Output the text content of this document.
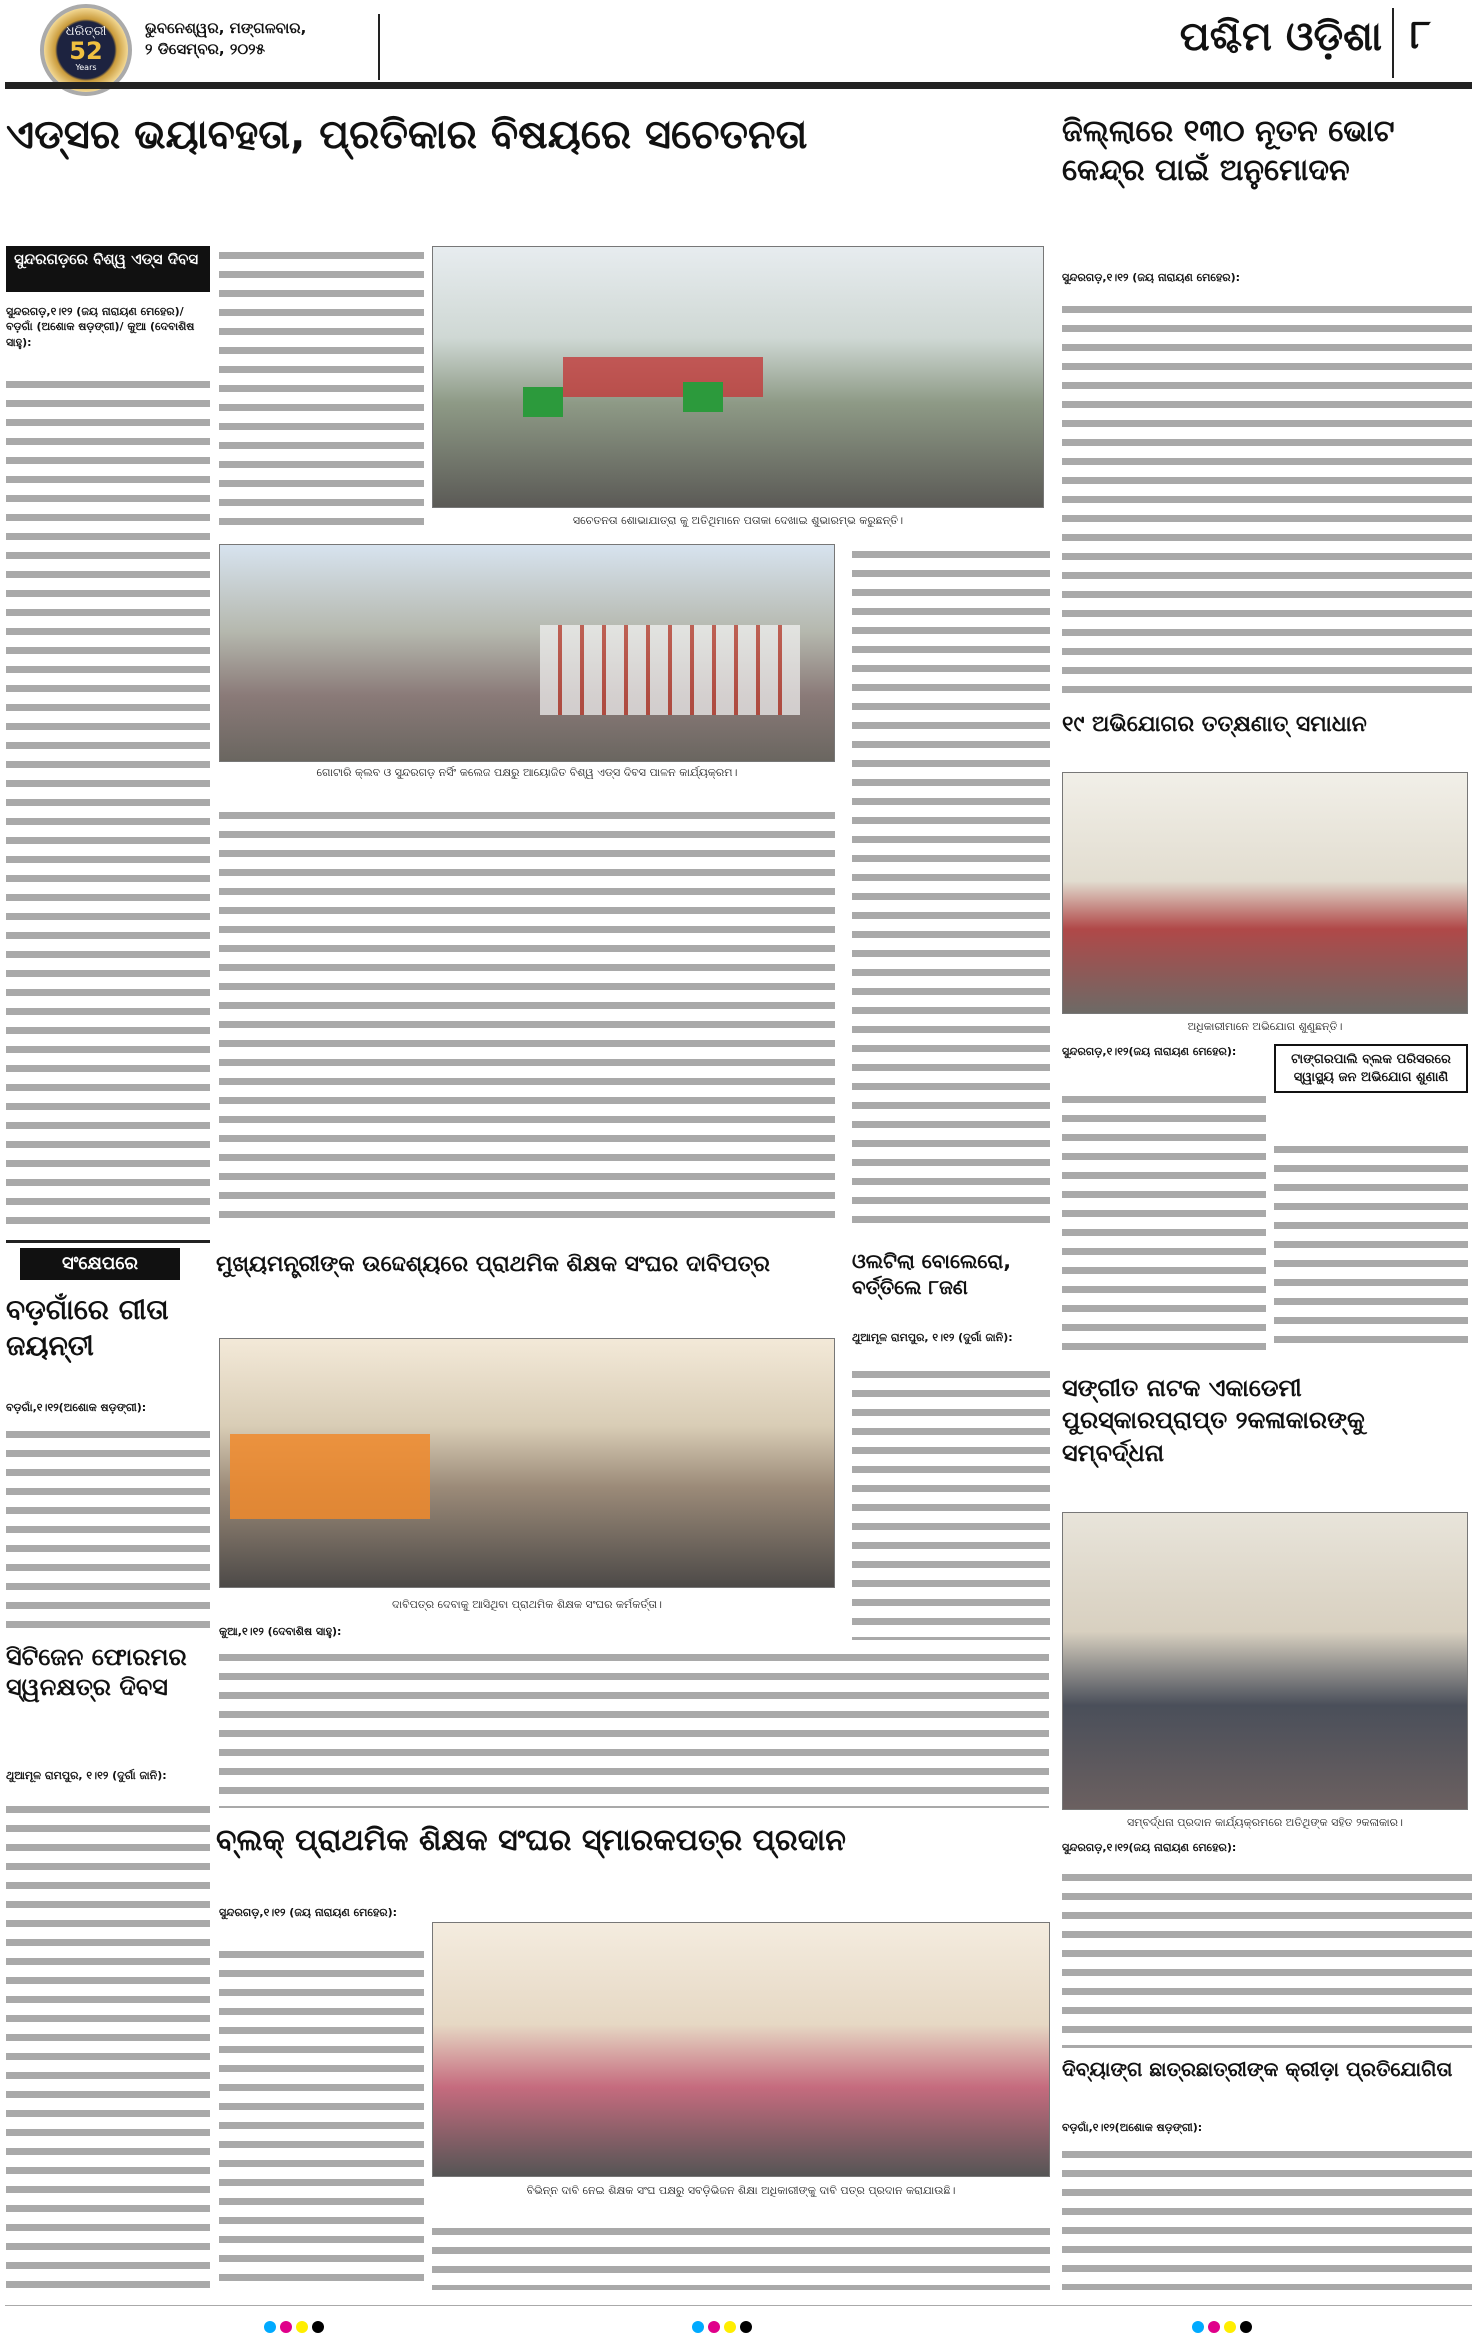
ଧରିତ୍ରୀ
52
Years
ଭୁବନେଶ୍ୱର, ମଙ୍ଗଳବାର,
୨ ଡିସେମ୍ବର, ୨୦୨୫	ପଶ୍ଚିମ ଓଡ଼ିଶା ୮
ଏଡ୍‌ସର ଭୟାବହତା, ପ୍ରତିକାର ବିଷୟରେ ସଚେତନତା
ସୁନ୍ଦରଗଡ଼ରେ ବିଶ୍ୱ ଏଡ୍‌ସ ଦିବସ
ସୁନ୍ଦରଗଡ଼,୧।୧୨ (ଜୟ ନାରାୟଣ ମେହେର)/ ବଡ଼ଗାଁ (ଅଶୋକ ଷଡ଼ଙ୍ଗୀ)/ କୁଆ (ଦେବାଶିଷ ସାହୁ):
ସଚେତନତା ଶୋଭାଯାତ୍ରା କୁ ଅତିଥିମାନେ ପତାକା ଦେଖାଇ ଶୁଭାରମ୍ଭ କରୁଛନ୍ତି।
ଗୋଟାରି କ୍ଲବ ଓ ସୁନ୍ଦରଗଡ଼ ନର୍ସିଂ କଲେଜ ପକ୍ଷରୁ ଆୟୋଜିତ ବିଶ୍ୱ ଏଡ୍‌ସ ଦିବସ ପାଳନ କାର୍ଯ୍ୟକ୍ରମ।
ଜିଲ୍ଲାରେ ୧୩୦ ନୂତନ ଭୋଟ କେନ୍ଦ୍ର ପାଇଁ ଅନୁମୋଦନ
ସୁନ୍ଦରଗଡ଼,୧।୧୨ (ଜୟ ନାରାୟଣ ମେହେର):
୧୯ ଅଭିଯୋଗର ତତ୍କ୍ଷଣାତ୍ ସମାଧାନ
ଅଧିକାରୀମାନେ ଅଭିଯୋଗ ଶୁଣୁଛନ୍ତି।
ସୁନ୍ଦରଗଡ଼,୧।୧୨(ଜୟ ନାରାୟଣ ମେହେର):
ଟାଙ୍ଗରପାଲି ବ୍ଲକ ପରିସରରେ ସ୍ୱାସ୍ଥ୍ୟ ଜନ ଅଭିଯୋଗ ଶୁଣାଣି
ସଂକ୍ଷେପରେ
ବଡ଼ଗାଁରେ ଗୀତା ଜୟନ୍ତୀ
ବଡ଼ଗାଁ,୧।୧୨(ଅଶୋକ ଷଡ଼ଙ୍ଗୀ):
ସିଟିଜେନ ଫୋରମର ସ୍ୱନକ୍ଷତ୍ର ଦିବସ
ଥୁଆମୂଳ ରାମପୁର, ୧।୧୨ (ଦୁର୍ଗା ଜାନି):
ମୁଖ୍ୟମନ୍ତ୍ରୀଙ୍କ ଉଦ୍ଦେଶ୍ୟରେ ପ୍ରାଥମିକ ଶିକ୍ଷକ ସଂଘର ଦାବିପତ୍ର
ଦାବିପତ୍ର ଦେବାକୁ ଆସିଥିବା ପ୍ରାଥମିକ ଶିକ୍ଷକ ସଂଘର କର୍ମକର୍ତ୍ତା।
କୁଆ,୧।୧୨ (ଦେବାଶିଷ ସାହୁ):
ଓଲଟିଲା ବୋଲେରୋ, ବର୍ତ୍ତିଲେ ୮ଜଣ
ଥୁଆମୂଳ ରାମପୁର, ୧।୧୨ (ଦୁର୍ଗା ଜାନି):
ସଙ୍ଗୀତ ନାଟକ ଏକାଡେମୀ ପୁରସ୍କାରପ୍ରାପ୍ତ ୨କଳାକାରଙ୍କୁ ସମ୍ବର୍ଦ୍ଧନା
ସମ୍ବର୍ଦ୍ଧନା ପ୍ରଦାନ କାର୍ଯ୍ୟକ୍ରମରେ ଅତିଥିଙ୍କ ସହିତ ୨କଳାକାର।
ସୁନ୍ଦରଗଡ଼,୧।୧୨(ଜୟ ନାରାୟଣ ମେହେର):
ବ୍ଲକ୍ ପ୍ରାଥମିକ ଶିକ୍ଷକ ସଂଘର ସ୍ମାରକପତ୍ର ପ୍ରଦାନ
ସୁନ୍ଦରଗଡ଼,୧।୧୨ (ଜୟ ନାରାୟଣ ମେହେର):
ବିଭିନ୍ନ ଦାବି ନେଇ ଶିକ୍ଷକ ସଂଘ ପକ୍ଷରୁ ସବଡ଼ିଭିଜନ ଶିକ୍ଷା ଅଧିକାରୀଙ୍କୁ ଦାବି ପତ୍ର ପ୍ରଦାନ କରାଯାଉଛି।
ଦିବ୍ୟାଙ୍ଗ ଛାତ୍ରଛାତ୍ରୀଙ୍କ କ୍ରୀଡ଼ା ପ୍ରତିଯୋଗିତା
ବଡ଼ଗାଁ,୧।୧୨(ଅଶୋକ ଷଡ଼ଙ୍ଗୀ):
